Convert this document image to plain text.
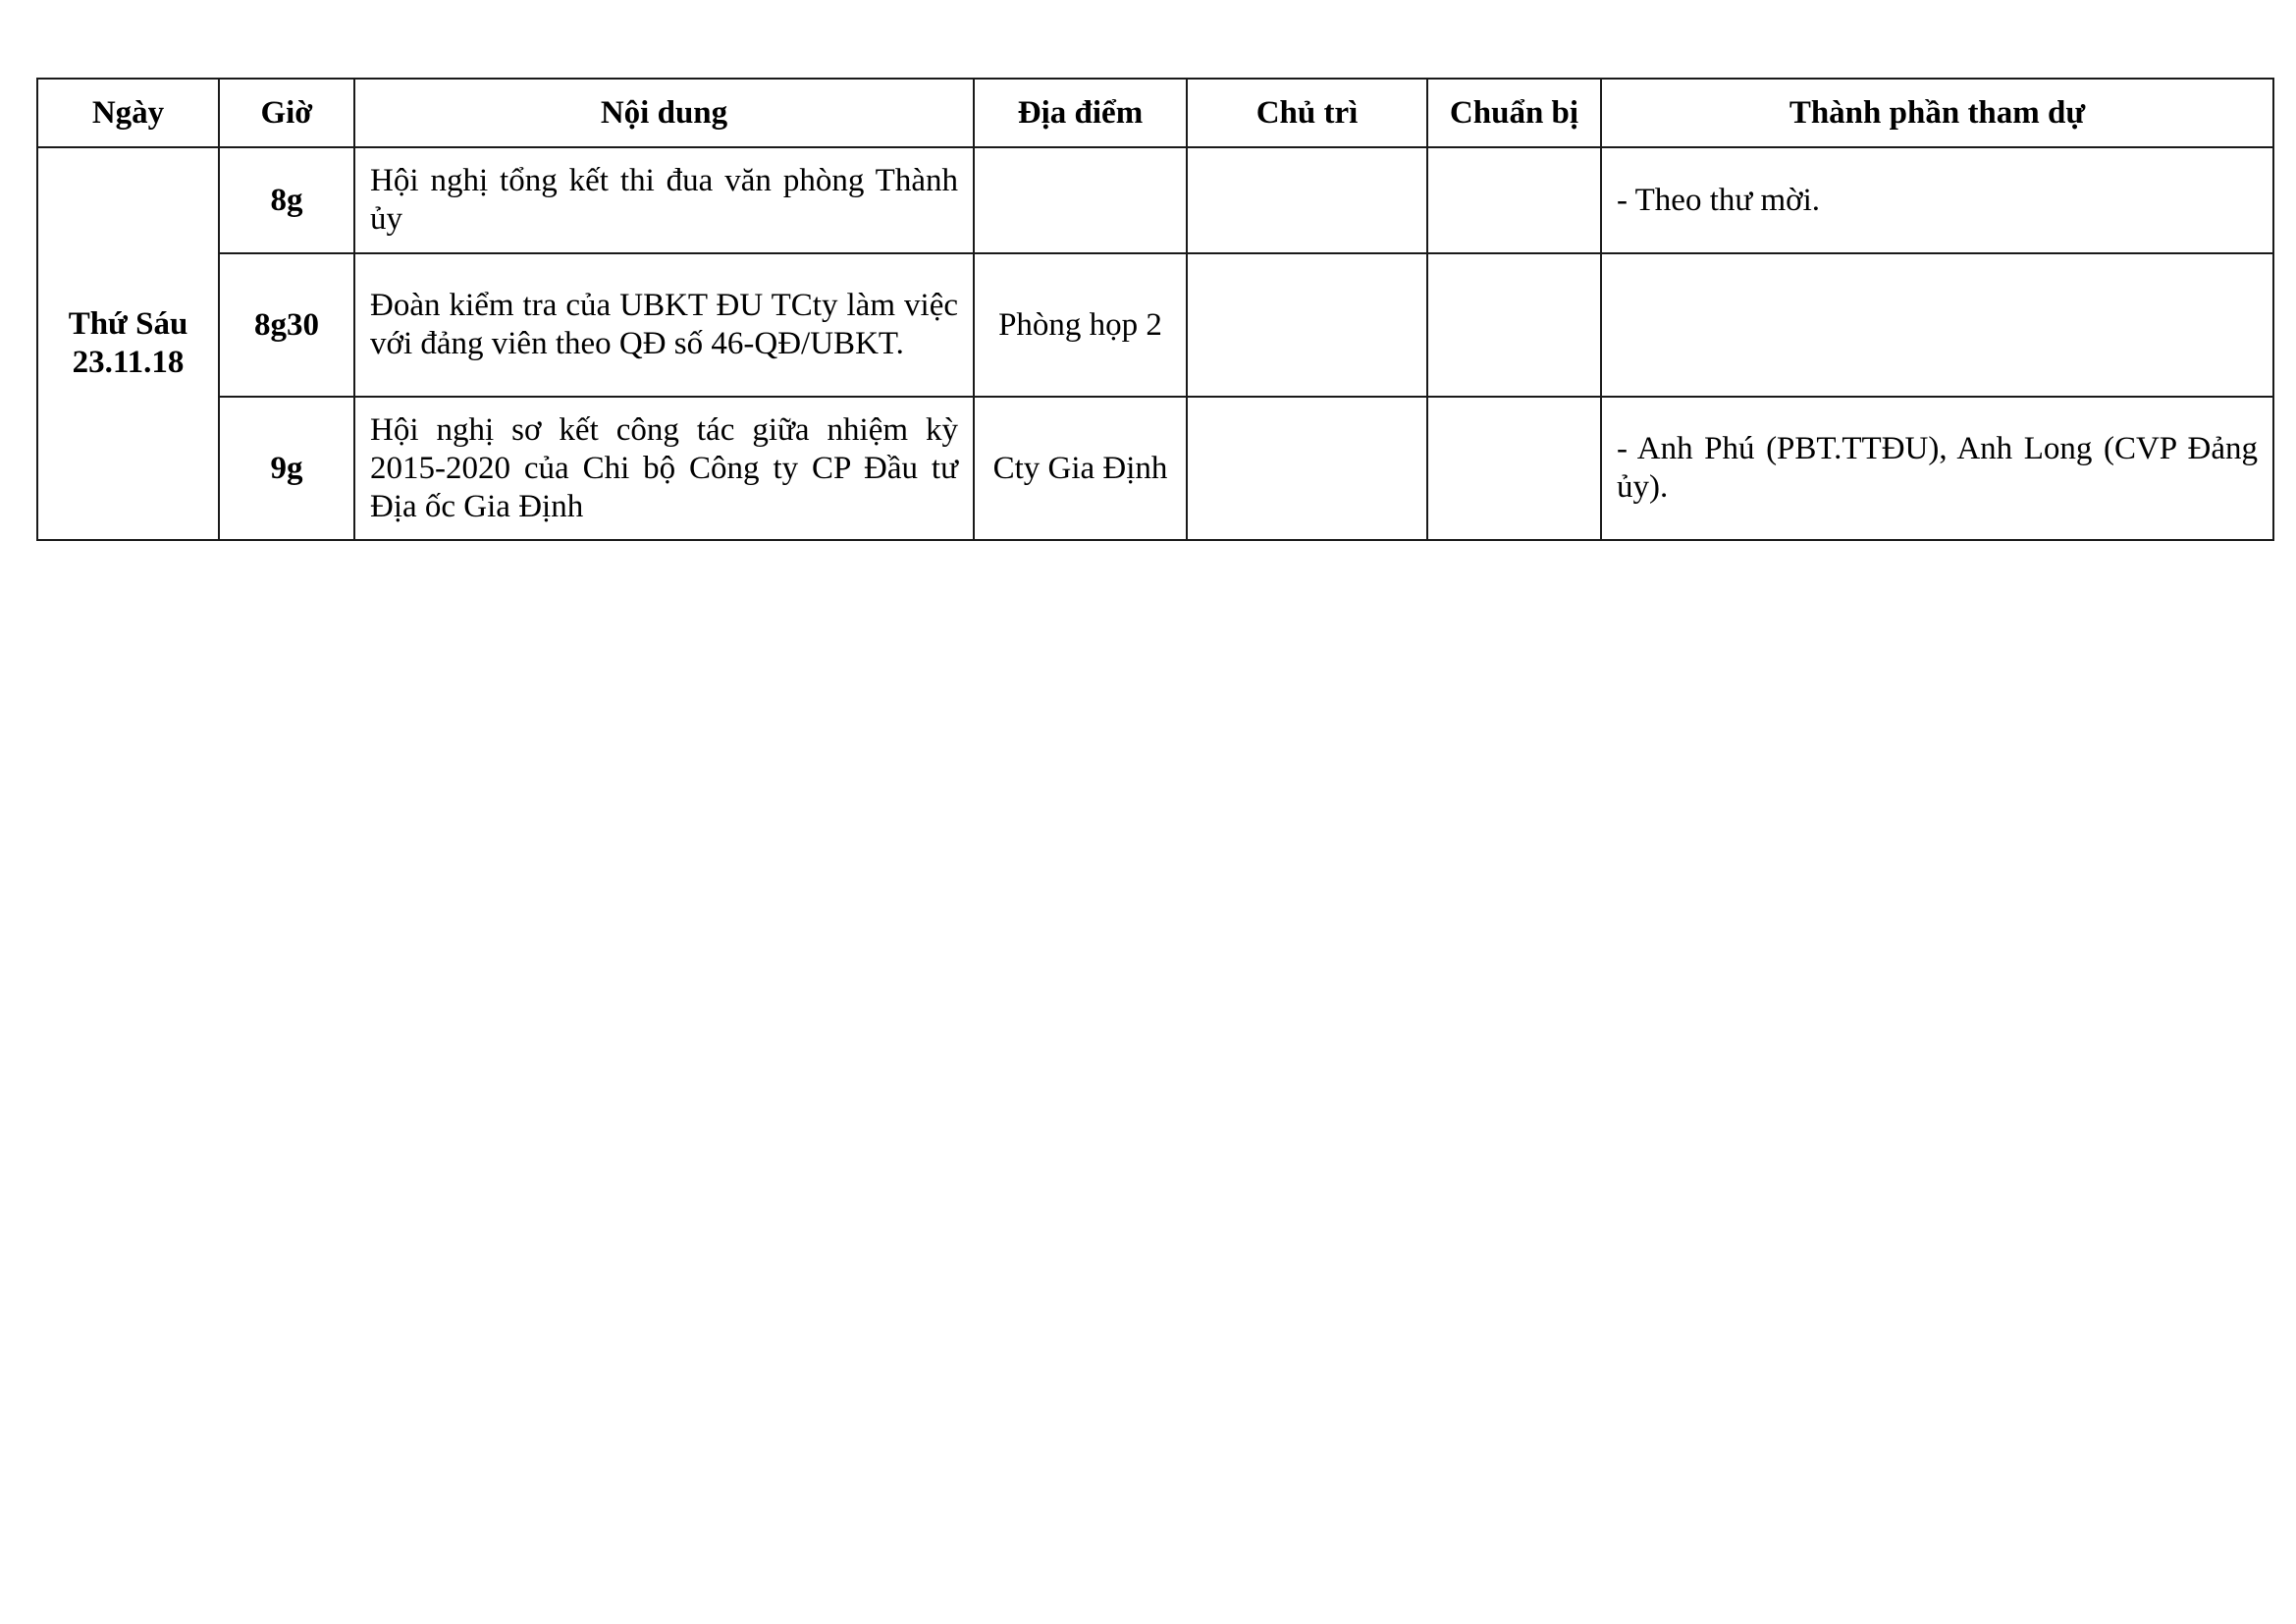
Ngày	Giờ	Nội dung	Địa điểm	Chủ trì	Chuẩn bị	Thành phần tham dự

Thứ Sáu
23.11.18	8g	Hội nghị tổng kết thi đua văn phòng Thành ủy				- Theo thư mời.
	8g30	Đoàn kiểm tra của UBKT ĐU TCty làm việc với đảng viên theo QĐ số 46-QĐ/UBKT.	Phòng họp 2			
	9g	Hội nghị sơ kết công tác giữa nhiệm kỳ 2015-2020 của Chi bộ Công ty CP Đầu tư Địa ốc Gia Định	Cty Gia Định			- Anh Phú (PBT.TTĐU), Anh Long (CVP Đảng ủy).
